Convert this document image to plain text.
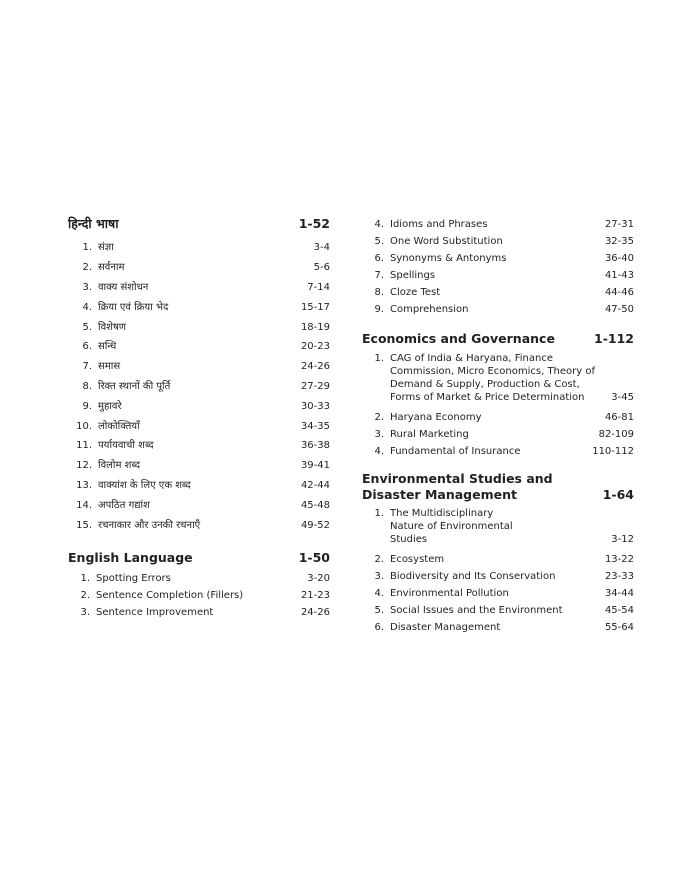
हिन्दी भाषा	1-52
1. संज्ञा	3-4
2. सर्वनाम	5-6
3. वाक्य संशोधन	7-14
4. क्रिया एवं क्रिया भेद	15-17
5. विशेषण	18-19
6. सन्धि	20-23
7. समास	24-26
8. रिक्त स्थानों की पूर्ति	27-29
9. मुहावरे	30-33
10. लोकोक्तियाँ	34-35
11. पर्यायवाची शब्द	36-38
12. विलोम शब्द	39-41
13. वाक्यांश के लिए एक शब्द	42-44
14. अपठित गद्यांश	45-48
15. रचनाकार और उनकी रचनाएँ	49-52
English Language	1-50
1. Spotting Errors	3-20
2. Sentence Completion (Fillers)	21-23
3. Sentence Improvement	24-26
4. Idioms and Phrases	27-31
5. One Word Substitution	32-35
6. Synonyms & Antonyms	36-40
7. Spellings	41-43
8. Cloze Test	44-46
9. Comprehension	47-50
Economics and Governance	1-112
1. CAG of India & Haryana, Finance Commission, Micro Economics, Theory of Demand & Supply, Production & Cost, Forms of Market & Price Determination	3-45
2. Haryana Economy	46-81
3. Rural Marketing	82-109
4. Fundamental of Insurance	110-112
Environmental Studies and Disaster Management	1-64
1. The Multidisciplinary Nature of Environmental Studies	3-12
2. Ecosystem	13-22
3. Biodiversity and Its Conservation	23-33
4. Environmental Pollution	34-44
5. Social Issues and the Environment	45-54
6. Disaster Management	55-64
